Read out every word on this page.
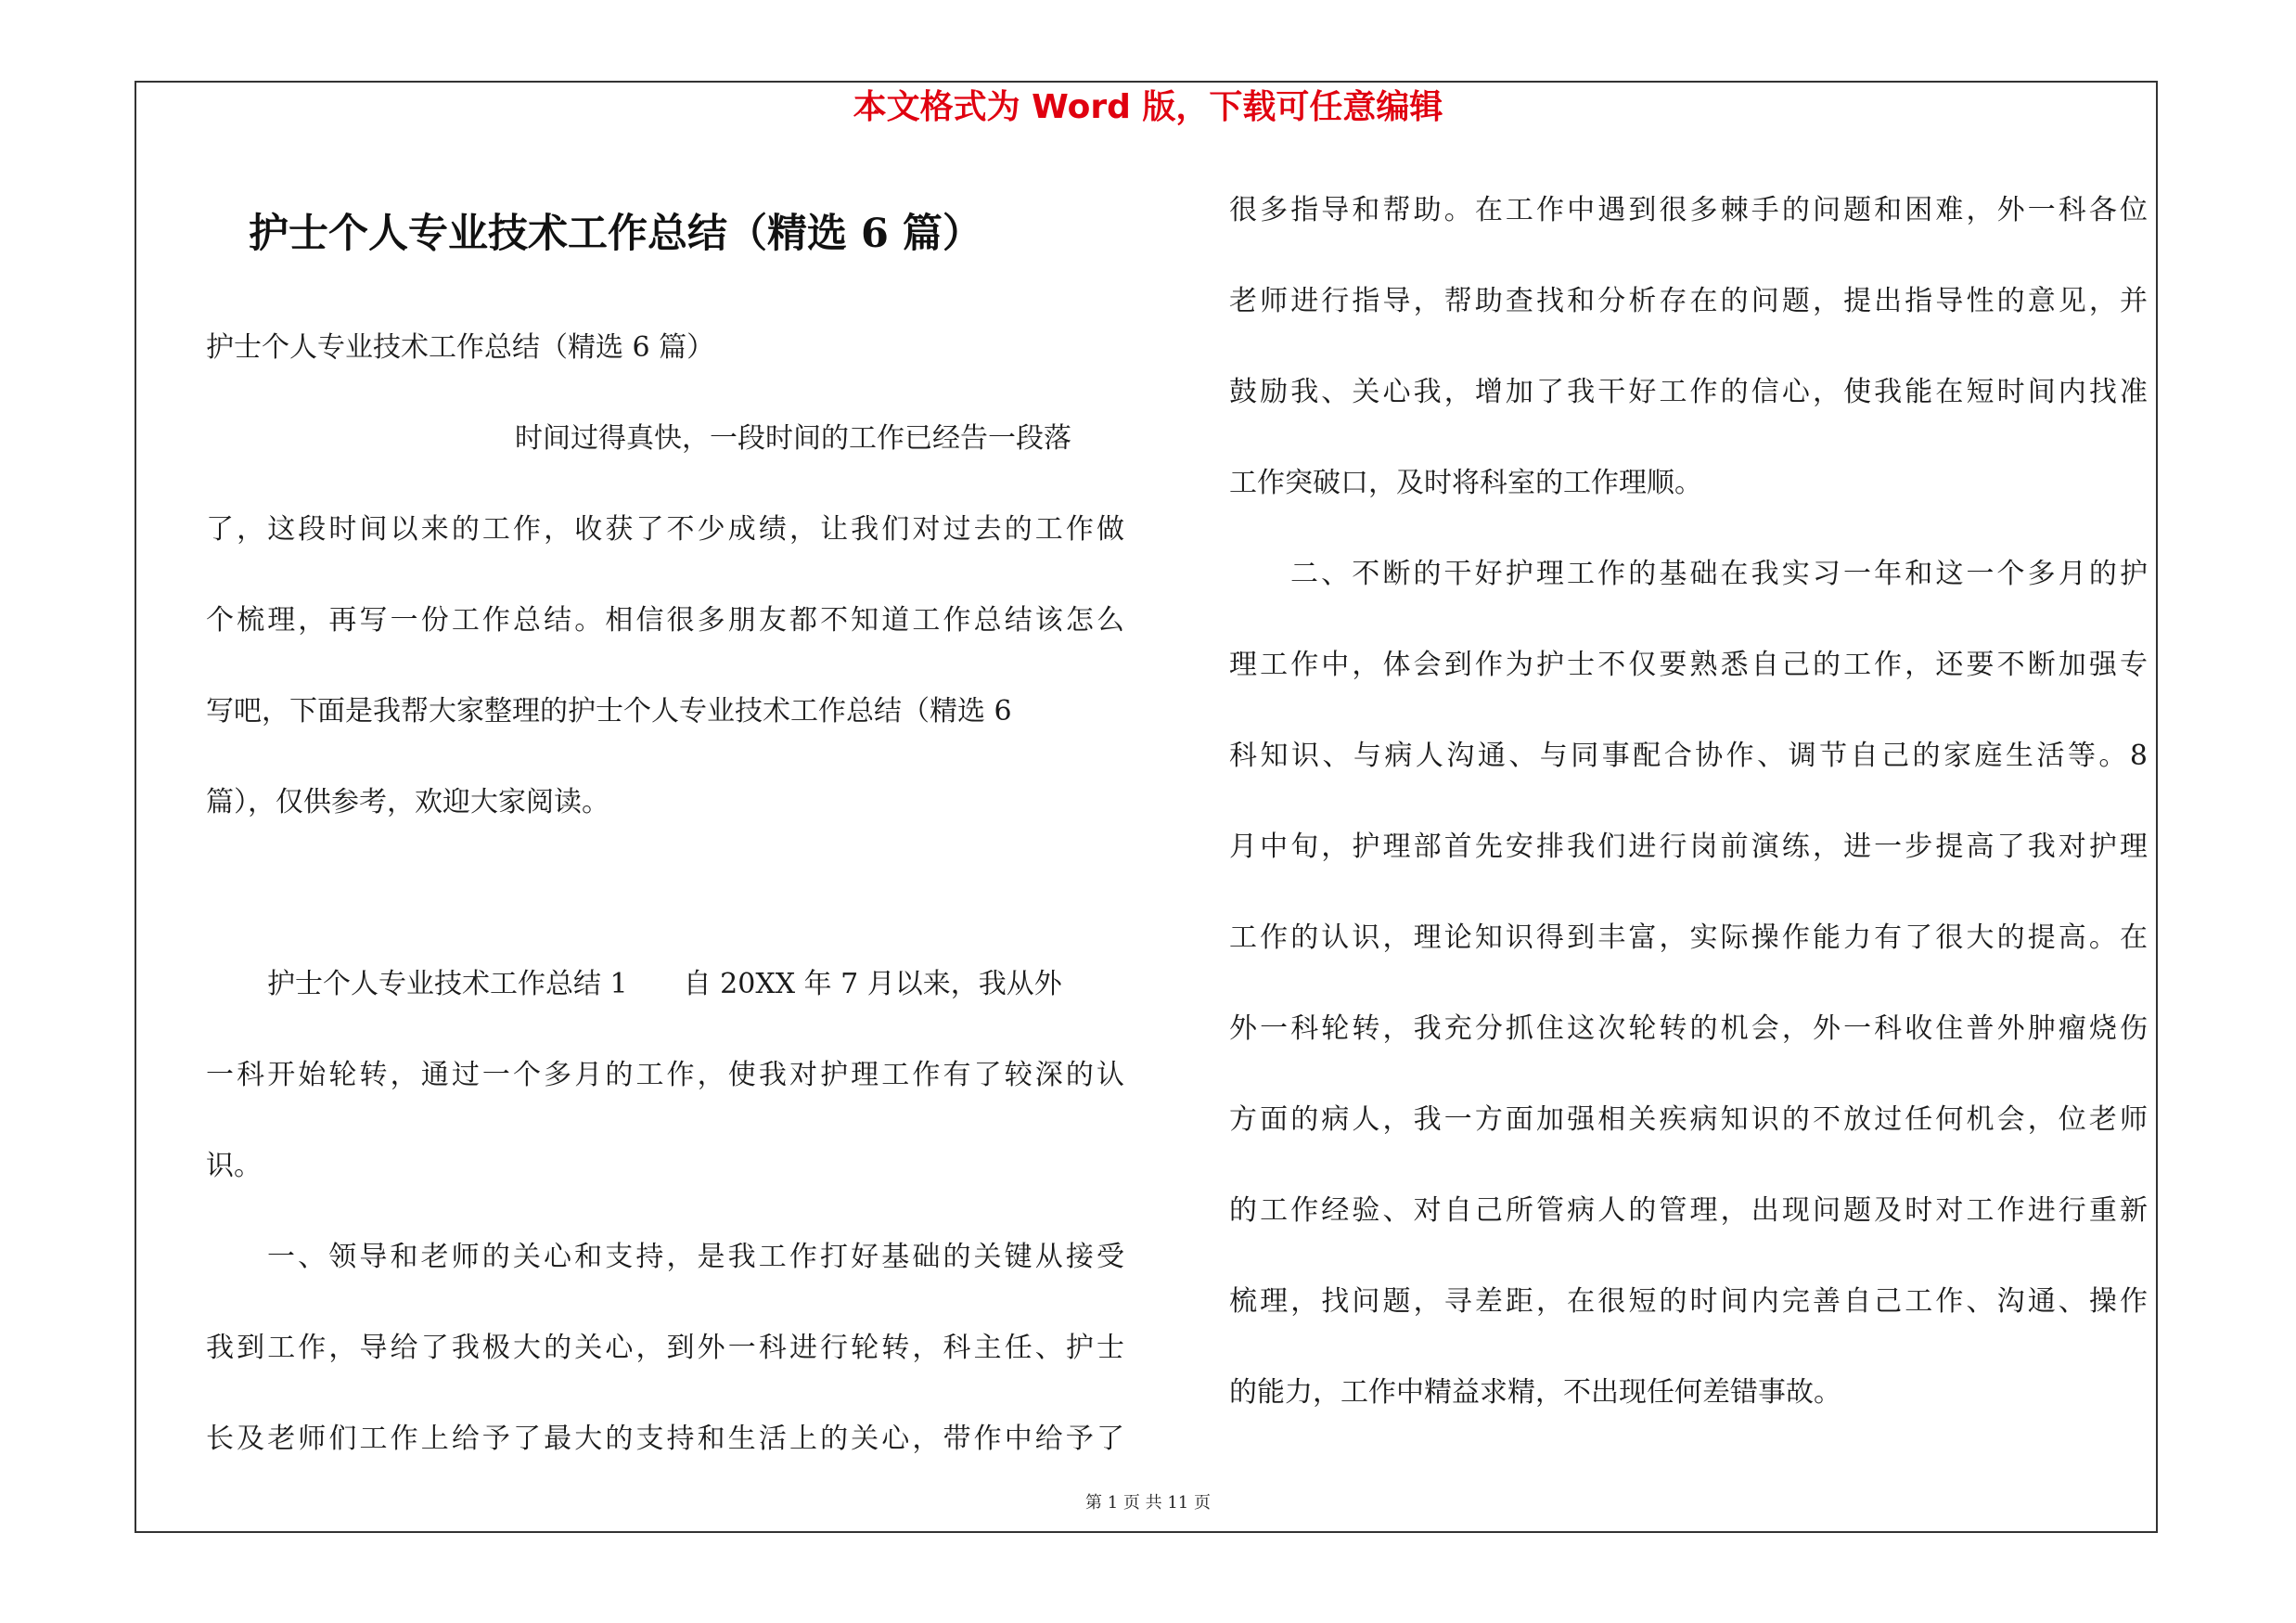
本文格式为 Word 版，下载可任意编辑
护士个人专业技术工作总结（精选 6 篇）
护士个人专业技术工作总结（精选 6 篇）
时间过得真快，一段时间的工作已经告一段落
了，这段时间以来的工作，收获了不少成绩，让我们对过去的工作做
个梳理，再写一份工作总结。相信很多朋友都不知道工作总结该怎么
写吧，下面是我帮大家整理的护士个人专业技术工作总结（精选 6
篇），仅供参考，欢迎大家阅读。
护士个人专业技术工作总结 1　　自 20XX 年 7 月以来，我从外
一科开始轮转，通过一个多月的工作，使我对护理工作有了较深的认
识。
一、领导和老师的关心和支持，是我工作打好基础的关键从接受
我到工作，导给了我极大的关心，到外一科进行轮转，科主任、护士
长及老师们工作上给予了最大的支持和生活上的关心，带作中给予了
很多指导和帮助。在工作中遇到很多棘手的问题和困难，外一科各位
老师进行指导，帮助查找和分析存在的问题，提出指导性的意见，并
鼓励我、关心我，增加了我干好工作的信心，使我能在短时间内找准
工作突破口，及时将科室的工作理顺。
二、不断的干好护理工作的基础在我实习一年和这一个多月的护
理工作中，体会到作为护士不仅要熟悉自己的工作，还要不断加强专
科知识、与病人沟通、与同事配合协作、调节自己的家庭生活等。8
月中旬，护理部首先安排我们进行岗前演练，进一步提高了我对护理
工作的认识，理论知识得到丰富，实际操作能力有了很大的提高。在
外一科轮转，我充分抓住这次轮转的机会，外一科收住普外肿瘤烧伤
方面的病人，我一方面加强相关疾病知识的不放过任何机会，位老师
的工作经验、对自己所管病人的管理，出现问题及时对工作进行重新
梳理，找问题，寻差距，在很短的时间内完善自己工作、沟通、操作
的能力，工作中精益求精，不出现任何差错事故。
第 1 页 共 11 页
